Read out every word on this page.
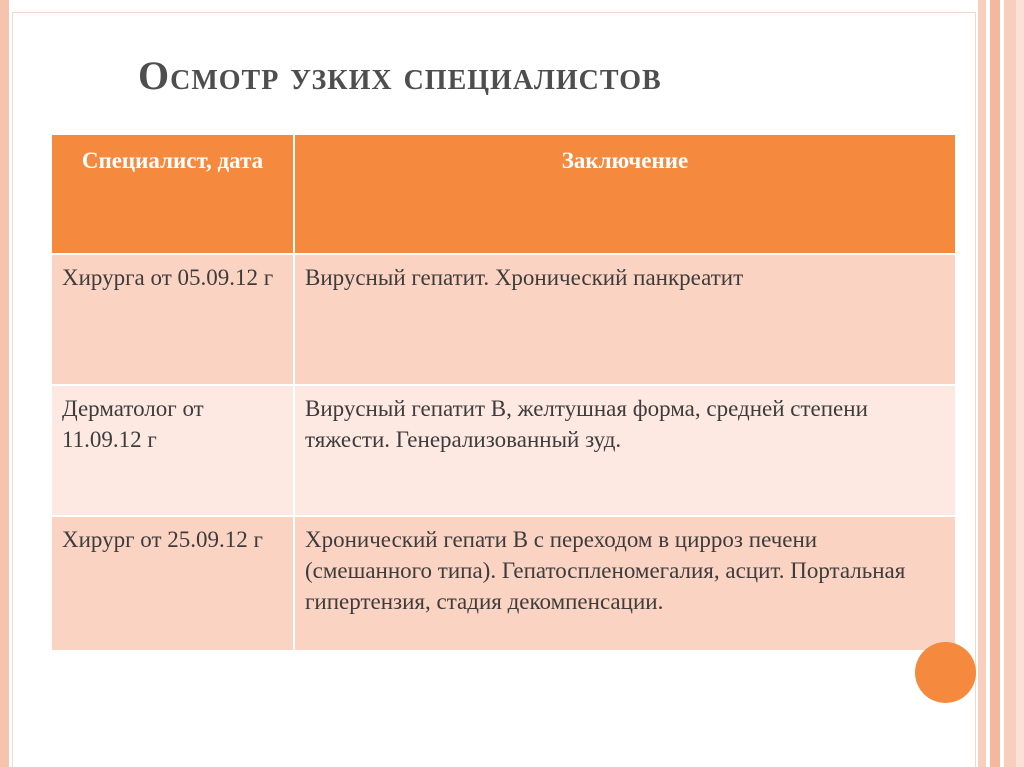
Осмотр узких специалистов
Специалист, дата	Заключение
Хирурга от 05.09.12 г	Вирусный гепатит. Хронический панкреатит
Дерматолог от 11.09.12 г	Вирусный гепатит В, желтушная форма, средней степени тяжести. Генерализованный зуд.
Хирург от 25.09.12 г	Хронический гепати В с переходом в цирроз печени (смешанного типа). Гепатоспленомегалия, асцит. Портальная гипертензия, стадия декомпенсации.
